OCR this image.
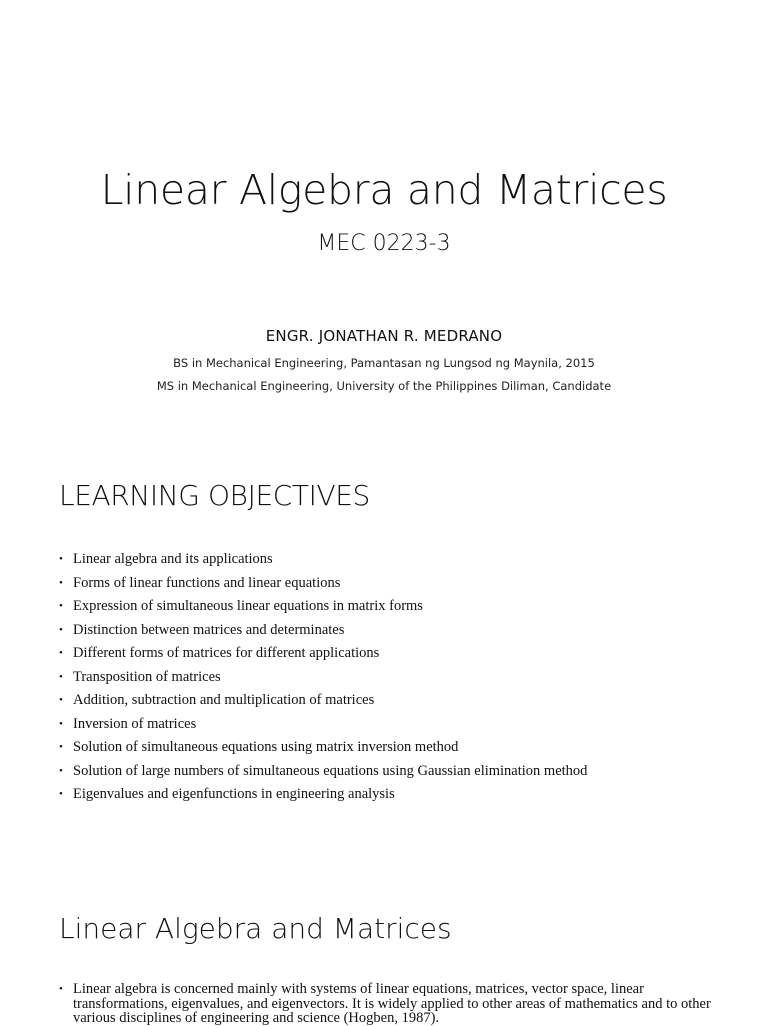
Linear Algebra and Matrices
MEC 0223-3
ENGR. JONATHAN R. MEDRANO
BS in Mechanical Engineering, Pamantasan ng Lungsod ng Maynila, 2015
MS in Mechanical Engineering, University of the Philippines Diliman, Candidate
LEARNING OBJECTIVES
• Linear algebra and its applications
• Forms of linear functions and linear equations
• Expression of simultaneous linear equations in matrix forms
• Distinction between matrices and determinates
• Different forms of matrices for different applications
• Transposition of matrices
• Addition, subtraction and multiplication of matrices
• Inversion of matrices
• Solution of simultaneous equations using matrix inversion method
• Solution of large numbers of simultaneous equations using Gaussian elimination method
• Eigenvalues and eigenfunctions in engineering analysis
Linear Algebra and Matrices
• Linear algebra is concerned mainly with systems of linear equations, matrices, vector space, linear transformations, eigenvalues, and eigenvectors. It is widely applied to other areas of mathematics and to other various disciplines of engineering and science (Hogben, 1987).
